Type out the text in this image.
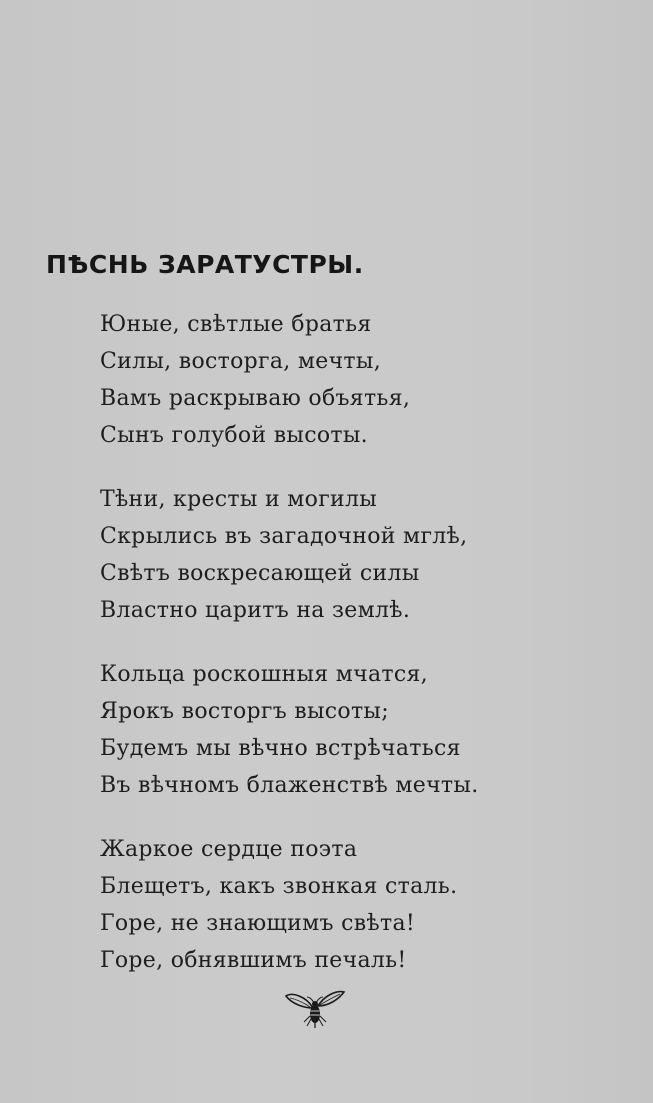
ПѢСНЬ ЗАРАТУСТРЫ.
Юные, свѣтлые братья
Силы, восторга, мечты,
Вамъ раскрываю объятья,
Сынъ голубой высоты.
Тѣни, кресты и могилы
Скрылись въ загадочной мглѣ,
Свѣтъ воскресающей силы
Властно царитъ на землѣ.
Кольца роскошныя мчатся,
Ярокъ восторгъ высоты;
Будемъ мы вѣчно встрѣчаться
Въ вѣчномъ блаженствѣ мечты.
Жаркое сердце поэта
Блещетъ, какъ звонкая сталь.
Горе, не знающимъ свѣта!
Горе, обнявшимъ печаль!
